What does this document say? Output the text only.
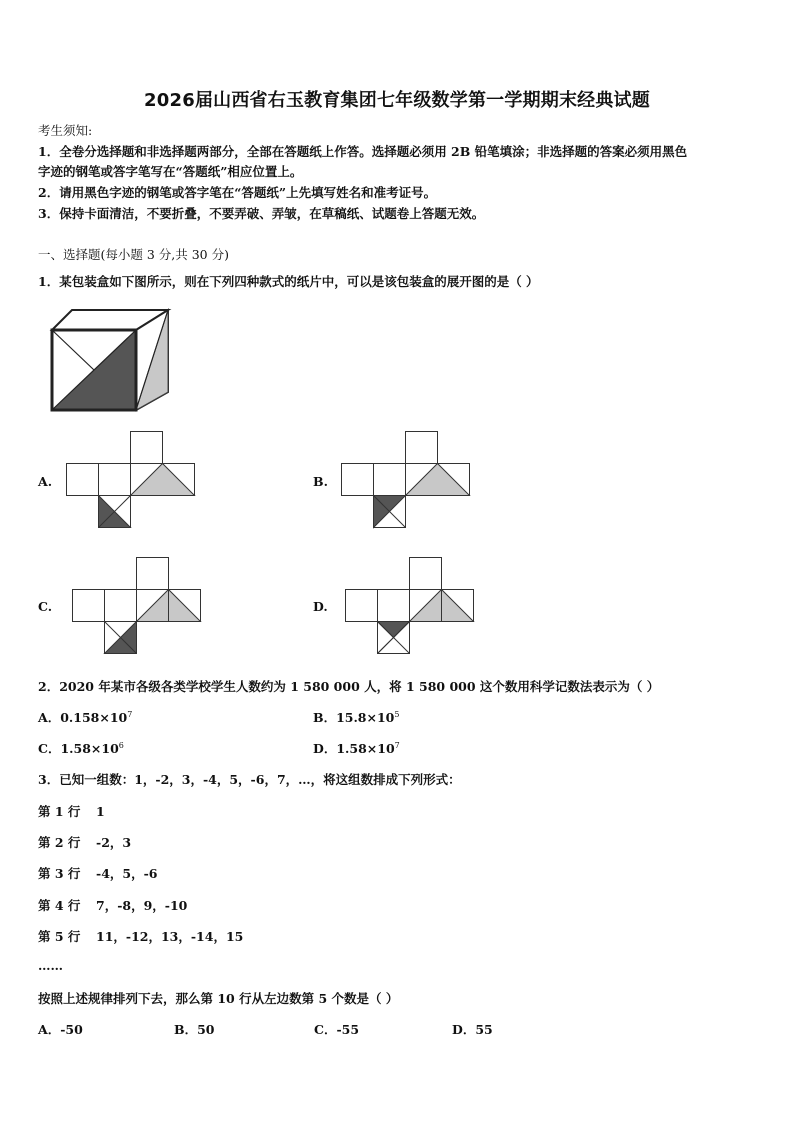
2026届山西省右玉教育集团七年级数学第一学期期末经典试题
考生须知:
1．全卷分选择题和非选择题两部分，全部在答题纸上作答。选择题必须用 2B 铅笔填涂；非选择题的答案必须用黑色
字迹的钢笔或答字笔写在“答题纸”相应位置上。
2．请用黑色字迹的钢笔或答字笔在“答题纸”上先填写姓名和准考证号。
3．保持卡面清洁，不要折叠，不要弄破、弄皱，在草稿纸、试题卷上答题无效。
一、选择题(每小题 3 分,共 30 分)
1．某包装盒如下图所示，则在下列四种款式的纸片中，可以是该包装盒的展开图的是（ ）
A.	B.
C.	D.
2．2020 年某市各级各类学校学生人数约为 1 580 000 人，将 1 580 000 这个数用科学记数法表示为（ ）
A．$0.158\times 10^7$	B．$15.8\times 10^5$
C．$1.58\times 10^6$	D．$1.58\times 10^7$
3．已知一组数：1，-2，3，-4，5，-6，7，…，将这组数排成下列形式：
第 1 行 1
第 2 行 -2，3
第 3 行 -4，5，-6
第 4 行 7，-8，9，-10
第 5 行 11，-12，13，-14，15
……
按照上述规律排列下去，那么第 10 行从左边数第 5 个数是（ ）
A．-50	B．50	C．-55	D．55
